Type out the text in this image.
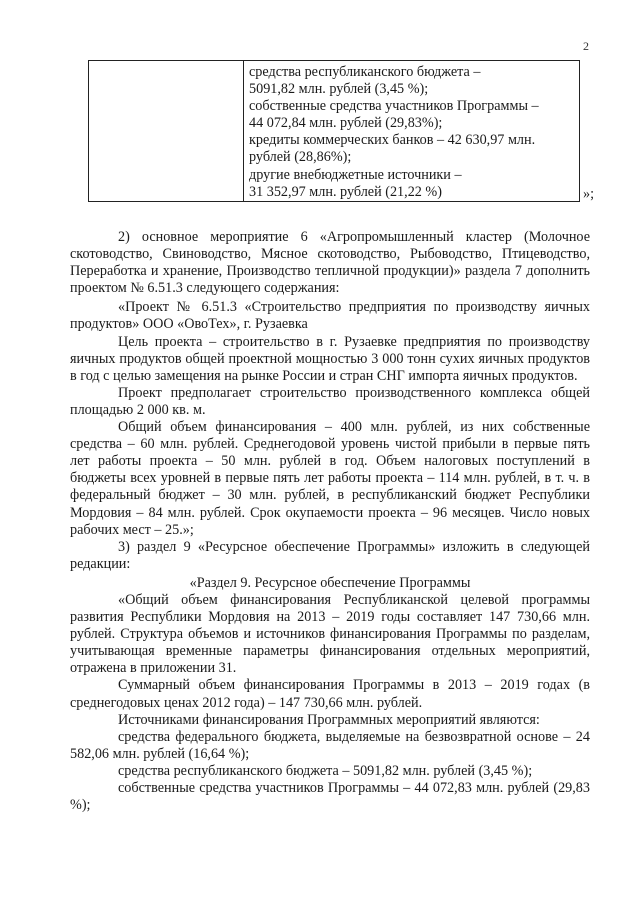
2
средства республиканского бюджета –
5091,82 млн. рублей (3,45 %);
собственные средства участников Программы –
44 072,84 млн. рублей (29,83%);
кредиты коммерческих банков – 42 630,97 млн.
рублей (28,86%);
другие внебюджетные источники –
31 352,97 млн. рублей (21,22 %)	»;

2) основное мероприятие 6 «Агропромышленный кластер (Молочное скотоводство, Свиноводство, Мясное скотоводство, Рыбоводство, Птицеводство, Переработка и хранение, Производство тепличной продукции)» раздела 7 дополнить проектом № 6.51.3 следующего содержания:

«Проект № 6.51.3 «Строительство предприятия по производству яичных продуктов» ООО «ОвоТех», г. Рузаевка

Цель проекта – строительство в г. Рузаевке предприятия по производству яичных продуктов общей проектной мощностью 3 000 тонн сухих яичных продуктов в год с целью замещения на рынке России и стран СНГ импорта яичных продуктов.

Проект предполагает строительство производственного комплекса общей площадью 2 000 кв. м.

Общий объем финансирования – 400 млн. рублей, из них собственные средства – 60 млн. рублей. Среднегодовой уровень чистой прибыли в первые пять лет работы проекта – 50 млн. рублей в год. Объем налоговых поступлений в бюджеты всех уровней в первые пять лет работы проекта – 114 млн. рублей, в т. ч. в федеральный бюджет – 30 млн. рублей, в республиканский бюджет Республики Мордовия – 84 млн. рублей. Срок окупаемости проекта – 96 месяцев. Число новых рабочих мест – 25.»;

3) раздел 9 «Ресурсное обеспечение Программы» изложить в следующей редакции:

«Раздел 9. Ресурсное обеспечение Программы

«Общий объем финансирования Республиканской целевой программы развития Республики Мордовия на 2013 – 2019 годы составляет 147 730,66 млн. рублей. Структура объемов и источников финансирования Программы по разделам, учитывающая временные параметры финансирования отдельных мероприятий, отражена в приложении 31.

Суммарный объем финансирования Программы в 2013 – 2019 годах (в среднегодовых ценах 2012 года) – 147 730,66 млн. рублей.

Источниками финансирования Программных мероприятий являются:

средства федерального бюджета, выделяемые на безвозвратной основе – 24 582,06 млн. рублей (16,64 %);

средства республиканского бюджета – 5091,82 млн. рублей (3,45 %);

собственные средства участников Программы – 44 072,83 млн. рублей (29,83 %);
